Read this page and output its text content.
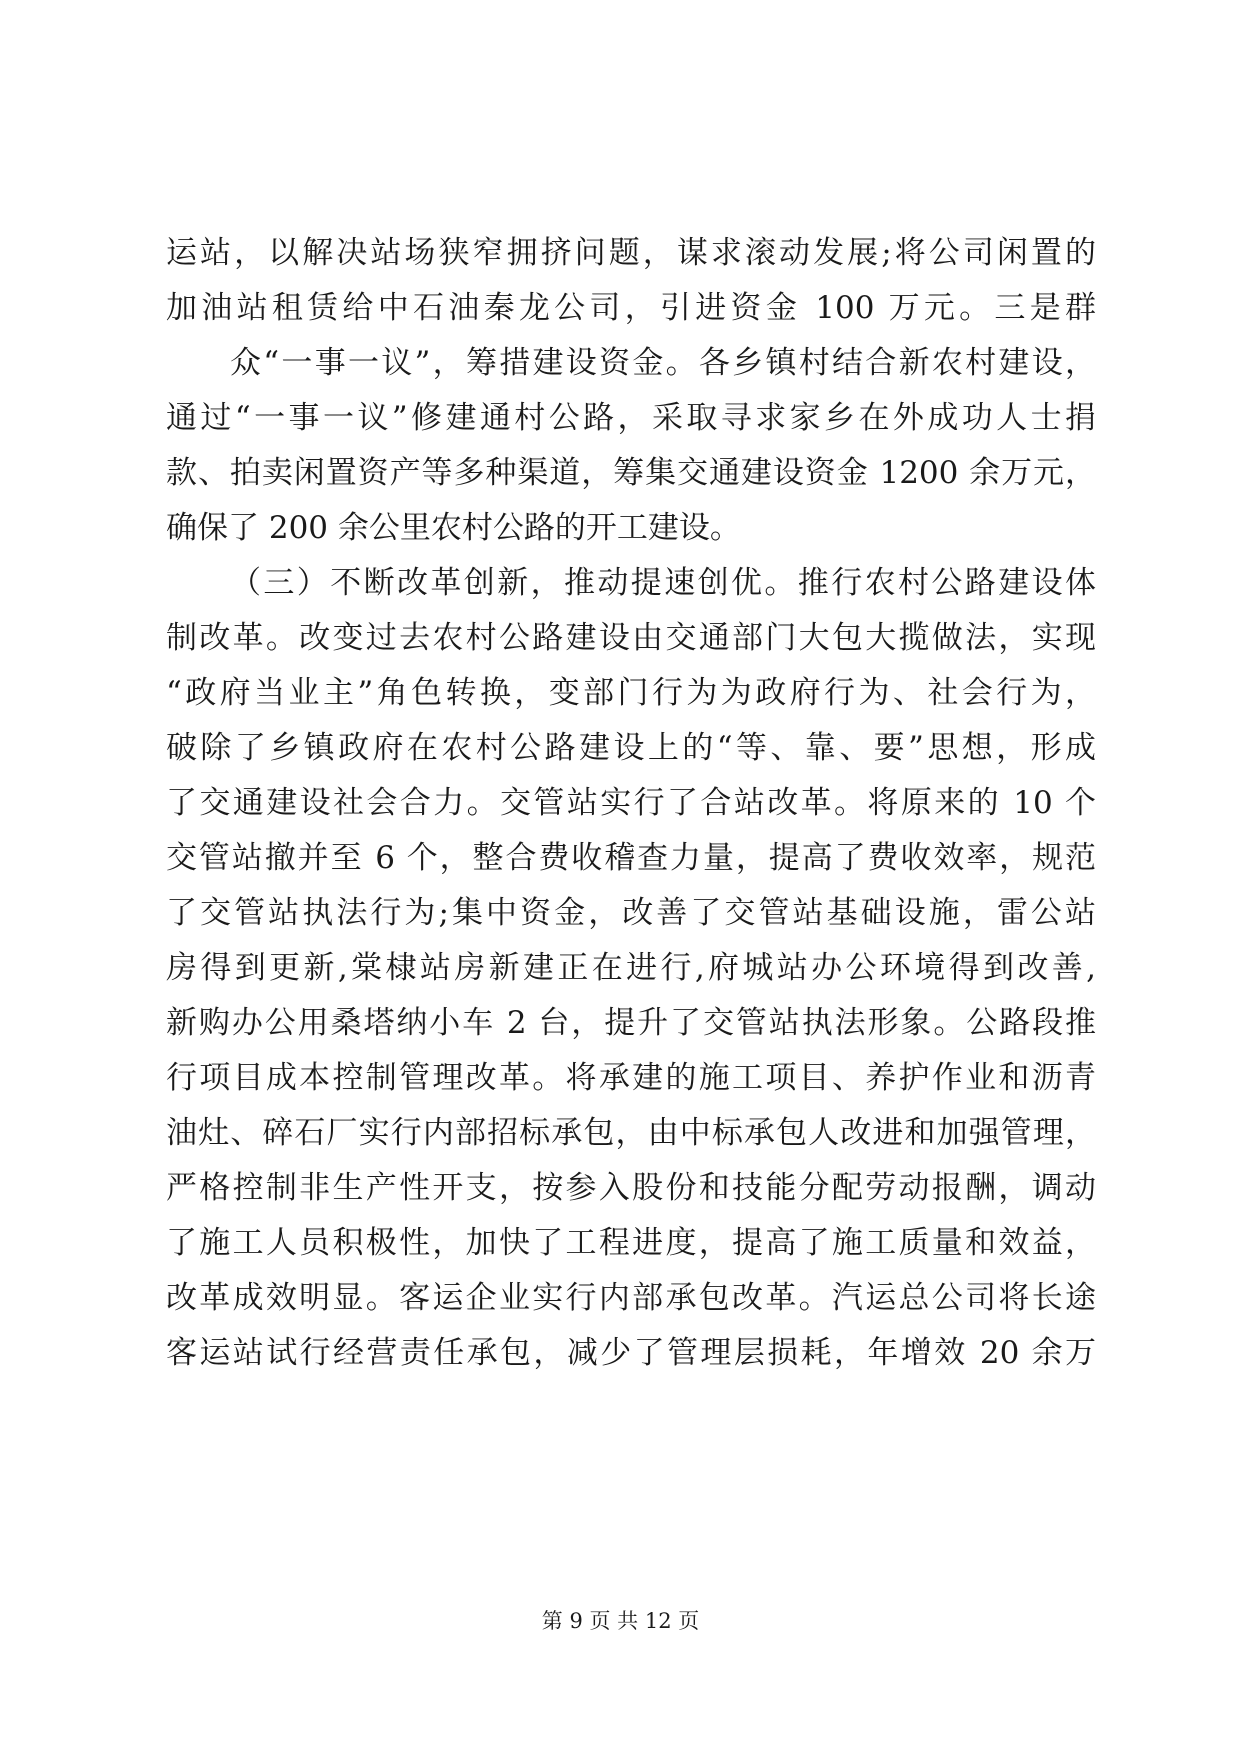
运站，以解决站场狭窄拥挤问题，谋求滚动发展;将公司闲置的
加油站租赁给中石油秦龙公司，引进资金 100 万元。三是群
众“一事一议”，筹措建设资金。各乡镇村结合新农村建设，
通过“一事一议”修建通村公路，采取寻求家乡在外成功人士捐
款、拍卖闲置资产等多种渠道，筹集交通建设资金 1200 余万元，
确保了 200 余公里农村公路的开工建设。
（三）不断改革创新，推动提速创优。推行农村公路建设体
制改革。改变过去农村公路建设由交通部门大包大揽做法，实现
“政府当业主”角色转换，变部门行为为政府行为、社会行为，
破除了乡镇政府在农村公路建设上的“等、靠、要”思想，形成
了交通建设社会合力。交管站实行了合站改革。将原来的 10 个
交管站撤并至 6 个，整合费收稽查力量，提高了费收效率，规范
了交管站执法行为;集中资金，改善了交管站基础设施，雷公站
房得到更新,棠棣站房新建正在进行,府城站办公环境得到改善,
新购办公用桑塔纳小车 2 台，提升了交管站执法形象。公路段推
行项目成本控制管理改革。将承建的施工项目、养护作业和沥青
油灶、碎石厂实行内部招标承包，由中标承包人改进和加强管理，
严格控制非生产性开支，按参入股份和技能分配劳动报酬，调动
了施工人员积极性，加快了工程进度，提高了施工质量和效益，
改革成效明显。客运企业实行内部承包改革。汽运总公司将长途
客运站试行经营责任承包，减少了管理层损耗，年增效 20 余万
第 9 页 共 12 页
